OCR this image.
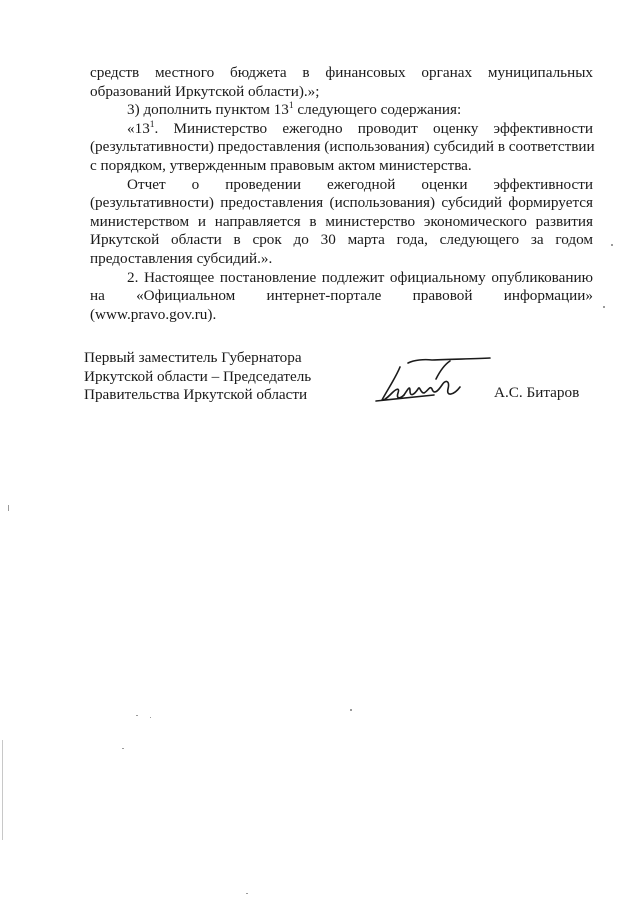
средств местного бюджета в финансовых органах муниципальных

образований Иркутской области).»;

3) дополнить пунктом $13^1$ следующего содержания:

«$13^1$. Министерство ежегодно проводит оценку эффективности

(результативности) предоставления (использования) субсидий в соответствии

с порядком, утвержденным правовым актом министерства.

Отчет о проведении ежегодной оценки эффективности

(результативности) предоставления (использования) субсидий формируется

министерством и направляется в министерство экономического развития

Иркутской области в срок до 30 марта года, следующего за годом

предоставления субсидий.».

2. Настоящее постановление подлежит официальному опубликованию

на «Официальном интернет-портале правовой информации»

(www.pravo.gov.ru).

Первый заместитель Губернатора
Иркутской области – Председатель
Правительства Иркутской области	А.С. Битаров
